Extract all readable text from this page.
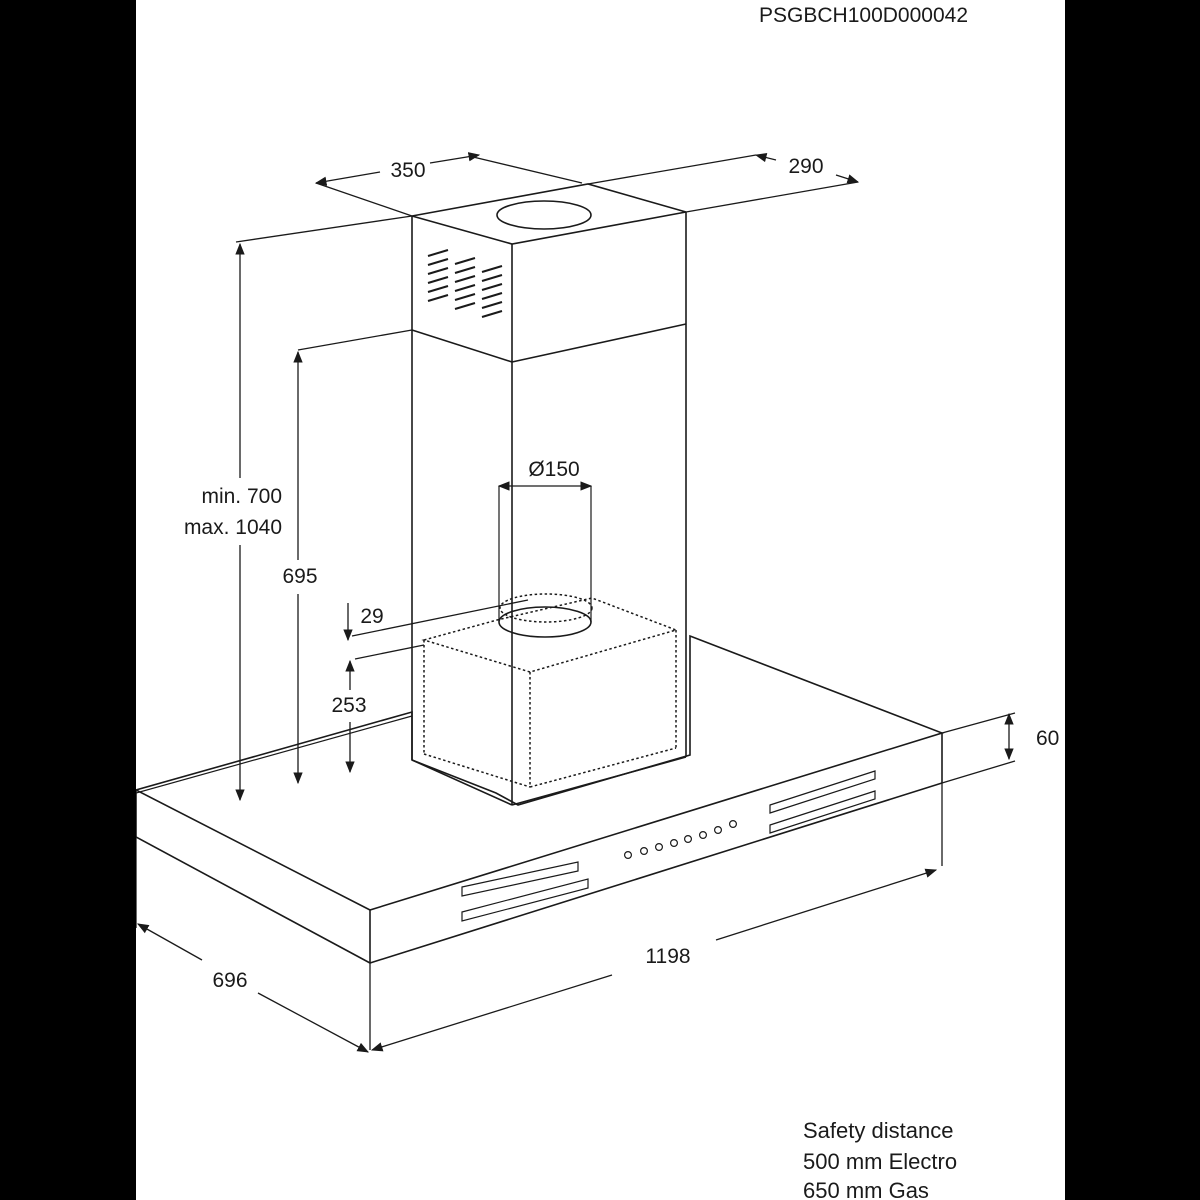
PSGBCH100D000042
350	290
min. 700
max. 1040
695
29
253
Ø150
60
1198
696
Safety distance
500 mm Electro
650 mm Gas
